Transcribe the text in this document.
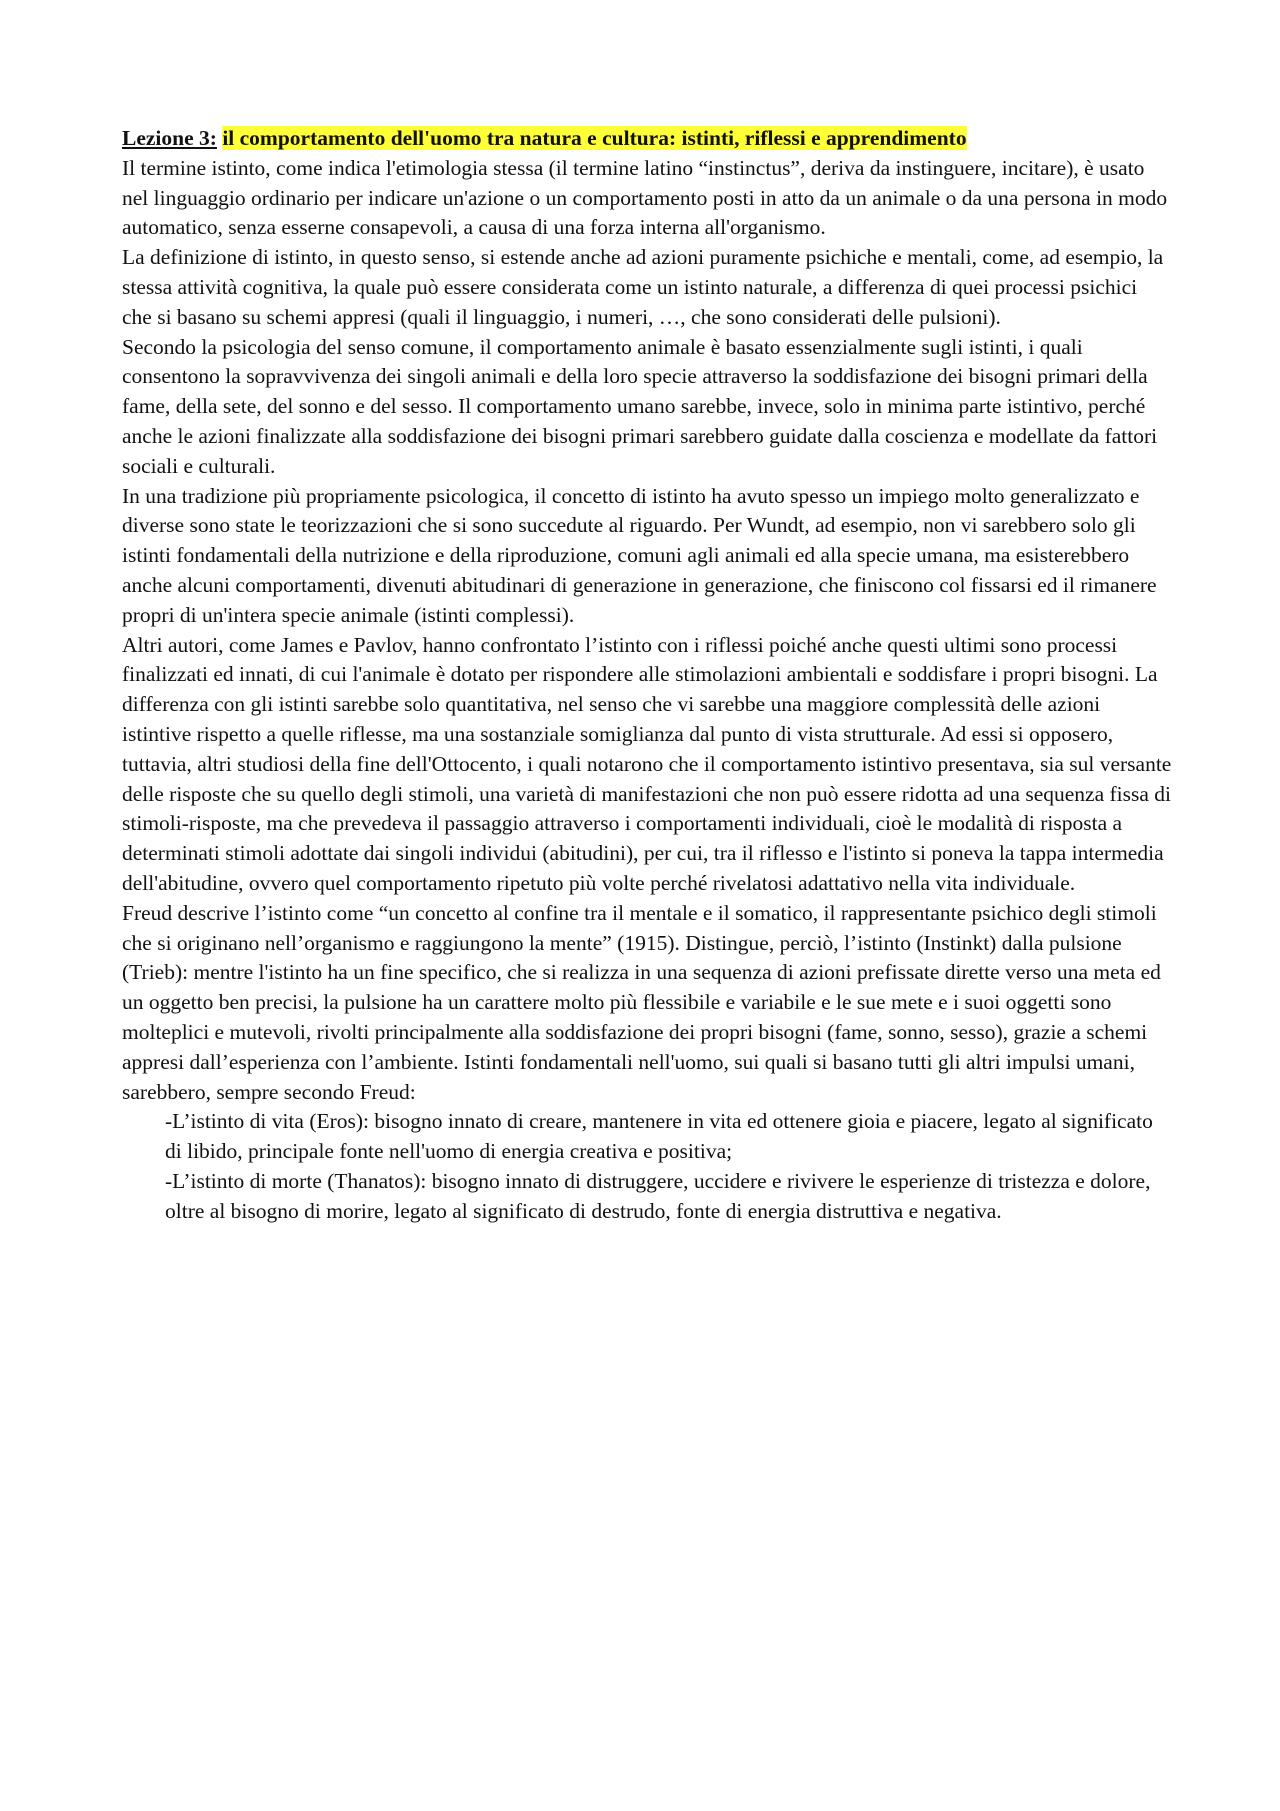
Lezione 3: il comportamento dell'uomo tra natura e cultura: istinti, riflessi e apprendimento

Il termine istinto, come indica l'etimologia stessa (il termine latino “instinctus”, deriva da instinguere, incitare), è usato nel linguaggio ordinario per indicare un'azione o un comportamento posti in atto da un animale o da una persona in modo automatico, senza esserne consapevoli, a causa di una forza interna all'organismo.

La definizione di istinto, in questo senso, si estende anche ad azioni puramente psichiche e mentali, come, ad esempio, la stessa attività cognitiva, la quale può essere considerata come un istinto naturale, a differenza di quei processi psichici che si basano su schemi appresi (quali il linguaggio, i numeri, …, che sono considerati delle pulsioni).

Secondo la psicologia del senso comune, il comportamento animale è basato essenzialmente sugli istinti, i quali consentono la sopravvivenza dei singoli animali e della loro specie attraverso la soddisfazione dei bisogni primari della fame, della sete, del sonno e del sesso. Il comportamento umano sarebbe, invece, solo in minima parte istintivo, perché anche le azioni finalizzate alla soddisfazione dei bisogni primari sarebbero guidate dalla coscienza e modellate da fattori sociali e culturali.

In una tradizione più propriamente psicologica, il concetto di istinto ha avuto spesso un impiego molto generalizzato e diverse sono state le teorizzazioni che si sono succedute al riguardo. Per Wundt, ad esempio, non vi sarebbero solo gli istinti fondamentali della nutrizione e della riproduzione, comuni agli animali ed alla specie umana, ma esisterebbero anche alcuni comportamenti, divenuti abitudinari di generazione in generazione, che finiscono col fissarsi ed il rimanere propri di un'intera specie animale (istinti complessi).

Altri autori, come James e Pavlov, hanno confrontato l’istinto con i riflessi poiché anche questi ultimi sono processi finalizzati ed innati, di cui l'animale è dotato per rispondere alle stimolazioni ambientali e soddisfare i propri bisogni. La differenza con gli istinti sarebbe solo quantitativa, nel senso che vi sarebbe una maggiore complessità delle azioni istintive rispetto a quelle riflesse, ma una sostanziale somiglianza dal punto di vista strutturale. Ad essi si opposero, tuttavia, altri studiosi della fine dell'Ottocento, i quali notarono che il comportamento istintivo presentava, sia sul versante delle risposte che su quello degli stimoli, una varietà di manifestazioni che non può essere ridotta ad una sequenza fissa di stimoli-risposte, ma che prevedeva il passaggio attraverso i comportamenti individuali, cioè le modalità di risposta a determinati stimoli adottate dai singoli individui (abitudini), per cui, tra il riflesso e l'istinto si poneva la tappa intermedia dell'abitudine, ovvero quel comportamento ripetuto più volte perché rivelatosi adattativo nella vita individuale.

Freud descrive l’istinto come “un concetto al confine tra il mentale e il somatico, il rappresentante psichico degli stimoli che si originano nell’organismo e raggiungono la mente” (1915). Distingue, perciò, l’istinto (Instinkt) dalla pulsione (Trieb): mentre l'istinto ha un fine specifico, che si realizza in una sequenza di azioni prefissate dirette verso una meta ed un oggetto ben precisi, la pulsione ha un carattere molto più flessibile e variabile e le sue mete e i suoi oggetti sono molteplici e mutevoli, rivolti principalmente alla soddisfazione dei propri bisogni (fame, sonno, sesso), grazie a schemi appresi dall’esperienza con l’ambiente. Istinti fondamentali nell'uomo, sui quali si basano tutti gli altri impulsi umani, sarebbero, sempre secondo Freud:

-L’istinto di vita (Eros): bisogno innato di creare, mantenere in vita ed ottenere gioia e piacere, legato al significato di libido, principale fonte nell'uomo di energia creativa e positiva;
-L’istinto di morte (Thanatos): bisogno innato di distruggere, uccidere e rivivere le esperienze di tristezza e dolore, oltre al bisogno di morire, legato al significato di destrudo, fonte di energia distruttiva e negativa.
